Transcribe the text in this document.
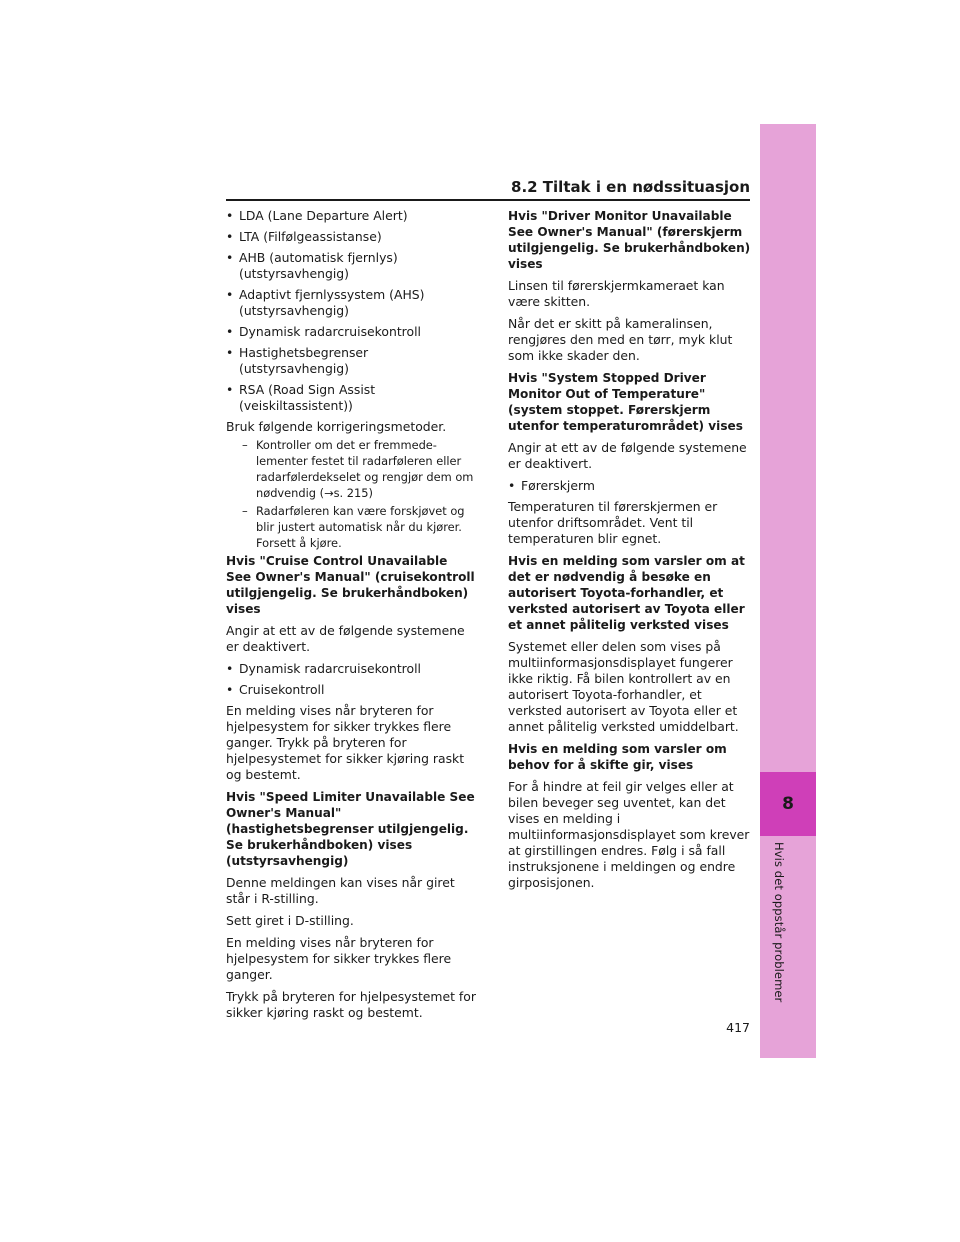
8
Hvis det oppstår problemer
8.2 Tiltak i en nødssituasjon

• LDA (Lane Departure Alert)

• LTA (Filfølgeassistanse)

• AHB (automatisk fjernlys) (utstyrsavhengig)

• Adaptivt fjernlyssystem (AHS) (utstyrsavhengig)

• Dynamisk radarcruisekontroll

• Hastighetsbegrenser (utstyrsavhengig)

• RSA (Road Sign Assist (veiskiltassistent))

Bruk følgende korrigeringsmetoder.

– Kontroller om det er fremmede-lementer festet til radarføleren eller radarfølerdekselet og rengjør dem om nødvendig (→s. 215)

– Radarføleren kan være forskjøvet og blir justert automatisk når du kjører. Forsett å kjøre.

Hvis "Cruise Control Unavailable See Owner's Manual" (cruisekontroll utilgjengelig. Se brukerhåndboken) vises

Angir at ett av de følgende systemene er deaktivert.

• Dynamisk radarcruisekontroll

• Cruisekontroll

En melding vises når bryteren for hjelpesystem for sikker trykkes flere ganger. Trykk på bryteren for hjelpesystemet for sikker kjøring raskt og bestemt.

Hvis "Speed Limiter Unavailable See Owner's Manual" (hastighetsbegrenser utilgjengelig. Se brukerhåndboken) vises (utstyrsavhengig)

Denne meldingen kan vises når giret står i R-stilling.

Sett giret i D-stilling.

En melding vises når bryteren for hjelpesystem for sikker trykkes flere ganger.

Trykk på bryteren for hjelpesystemet for sikker kjøring raskt og bestemt.

Hvis "Driver Monitor Unavailable See Owner's Manual" (førerskjerm utilgjengelig. Se brukerhåndboken) vises

Linsen til førerskjermkameraet kan være skitten.

Når det er skitt på kameralinsen, rengjøres den med en tørr, myk klut som ikke skader den.

Hvis "System Stopped Driver Monitor Out of Temperature" (system stoppet. Førerskjerm utenfor temperaturområdet) vises

Angir at ett av de følgende systemene er deaktivert.

• Førerskjerm

Temperaturen til førerskjermen er utenfor driftsområdet. Vent til temperaturen blir egnet.

Hvis en melding som varsler om at det er nødvendig å besøke en autorisert Toyota-forhandler, et verksted autorisert av Toyota eller et annet pålitelig verksted vises

Systemet eller delen som vises på multiinformasjonsdisplayet fungerer ikke riktig. Få bilen kontrollert av en autorisert Toyota-forhandler, et verksted autorisert av Toyota eller et annet pålitelig verksted umiddelbart.

Hvis en melding som varsler om behov for å skifte gir, vises

For å hindre at feil gir velges eller at bilen beveger seg uventet, kan det vises en melding i multiinformasjonsdisplayet som krever at girstillingen endres. Følg i så fall instruksjonene i meldingen og endre girposisjonen.

417
